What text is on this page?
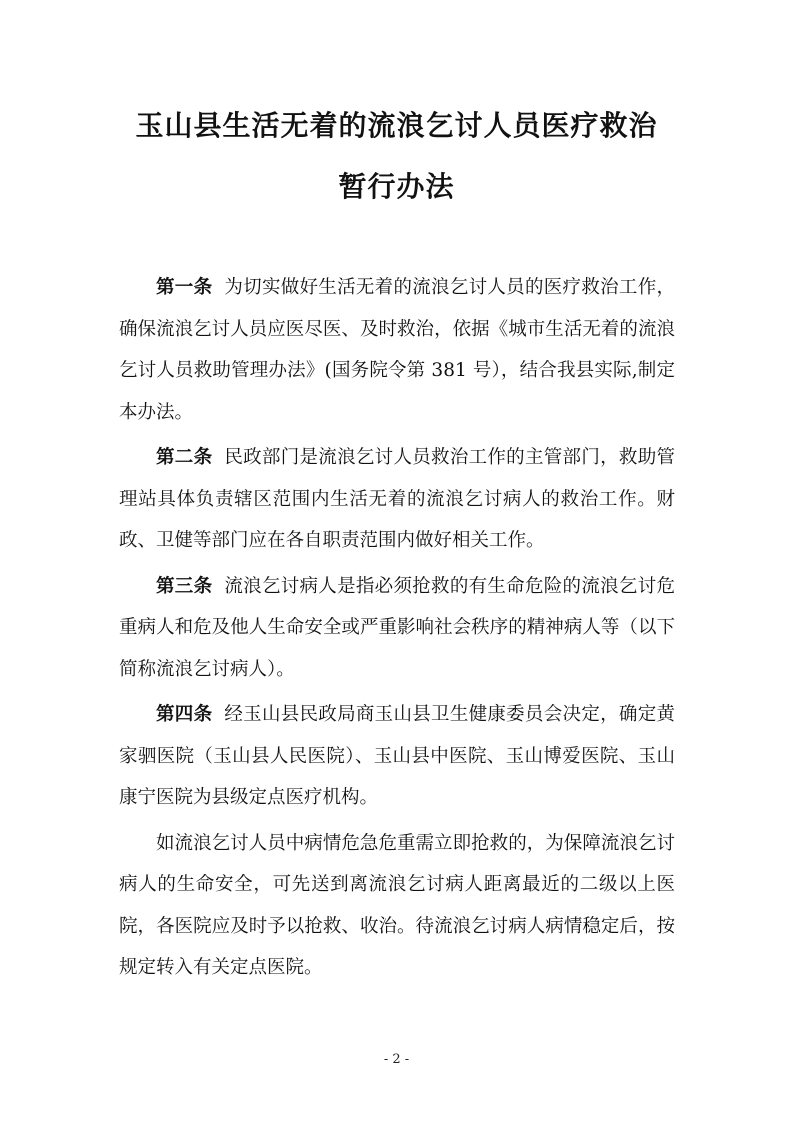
玉山县生活无着的流浪乞讨人员医疗救治
暂行办法

第一条 为切实做好生活无着的流浪乞讨人员的医疗救治工作，确保流浪乞讨人员应医尽医、及时救治，依据《城市生活无着的流浪乞讨人员救助管理办法》(国务院令第 381 号），结合我县实际,制定本办法。

第二条 民政部门是流浪乞讨人员救治工作的主管部门，救助管理站具体负责辖区范围内生活无着的流浪乞讨病人的救治工作。财政、卫健等部门应在各自职责范围内做好相关工作。

第三条 流浪乞讨病人是指必须抢救的有生命危险的流浪乞讨危重病人和危及他人生命安全或严重影响社会秩序的精神病人等（以下简称流浪乞讨病人）。

第四条 经玉山县民政局商玉山县卫生健康委员会决定，确定黄家驷医院（玉山县人民医院）、玉山县中医院、玉山博爱医院、玉山康宁医院为县级定点医疗机构。

如流浪乞讨人员中病情危急危重需立即抢救的，为保障流浪乞讨病人的生命安全，可先送到离流浪乞讨病人距离最近的二级以上医院，各医院应及时予以抢救、收治。待流浪乞讨病人病情稳定后，按规定转入有关定点医院。

- 2 -
